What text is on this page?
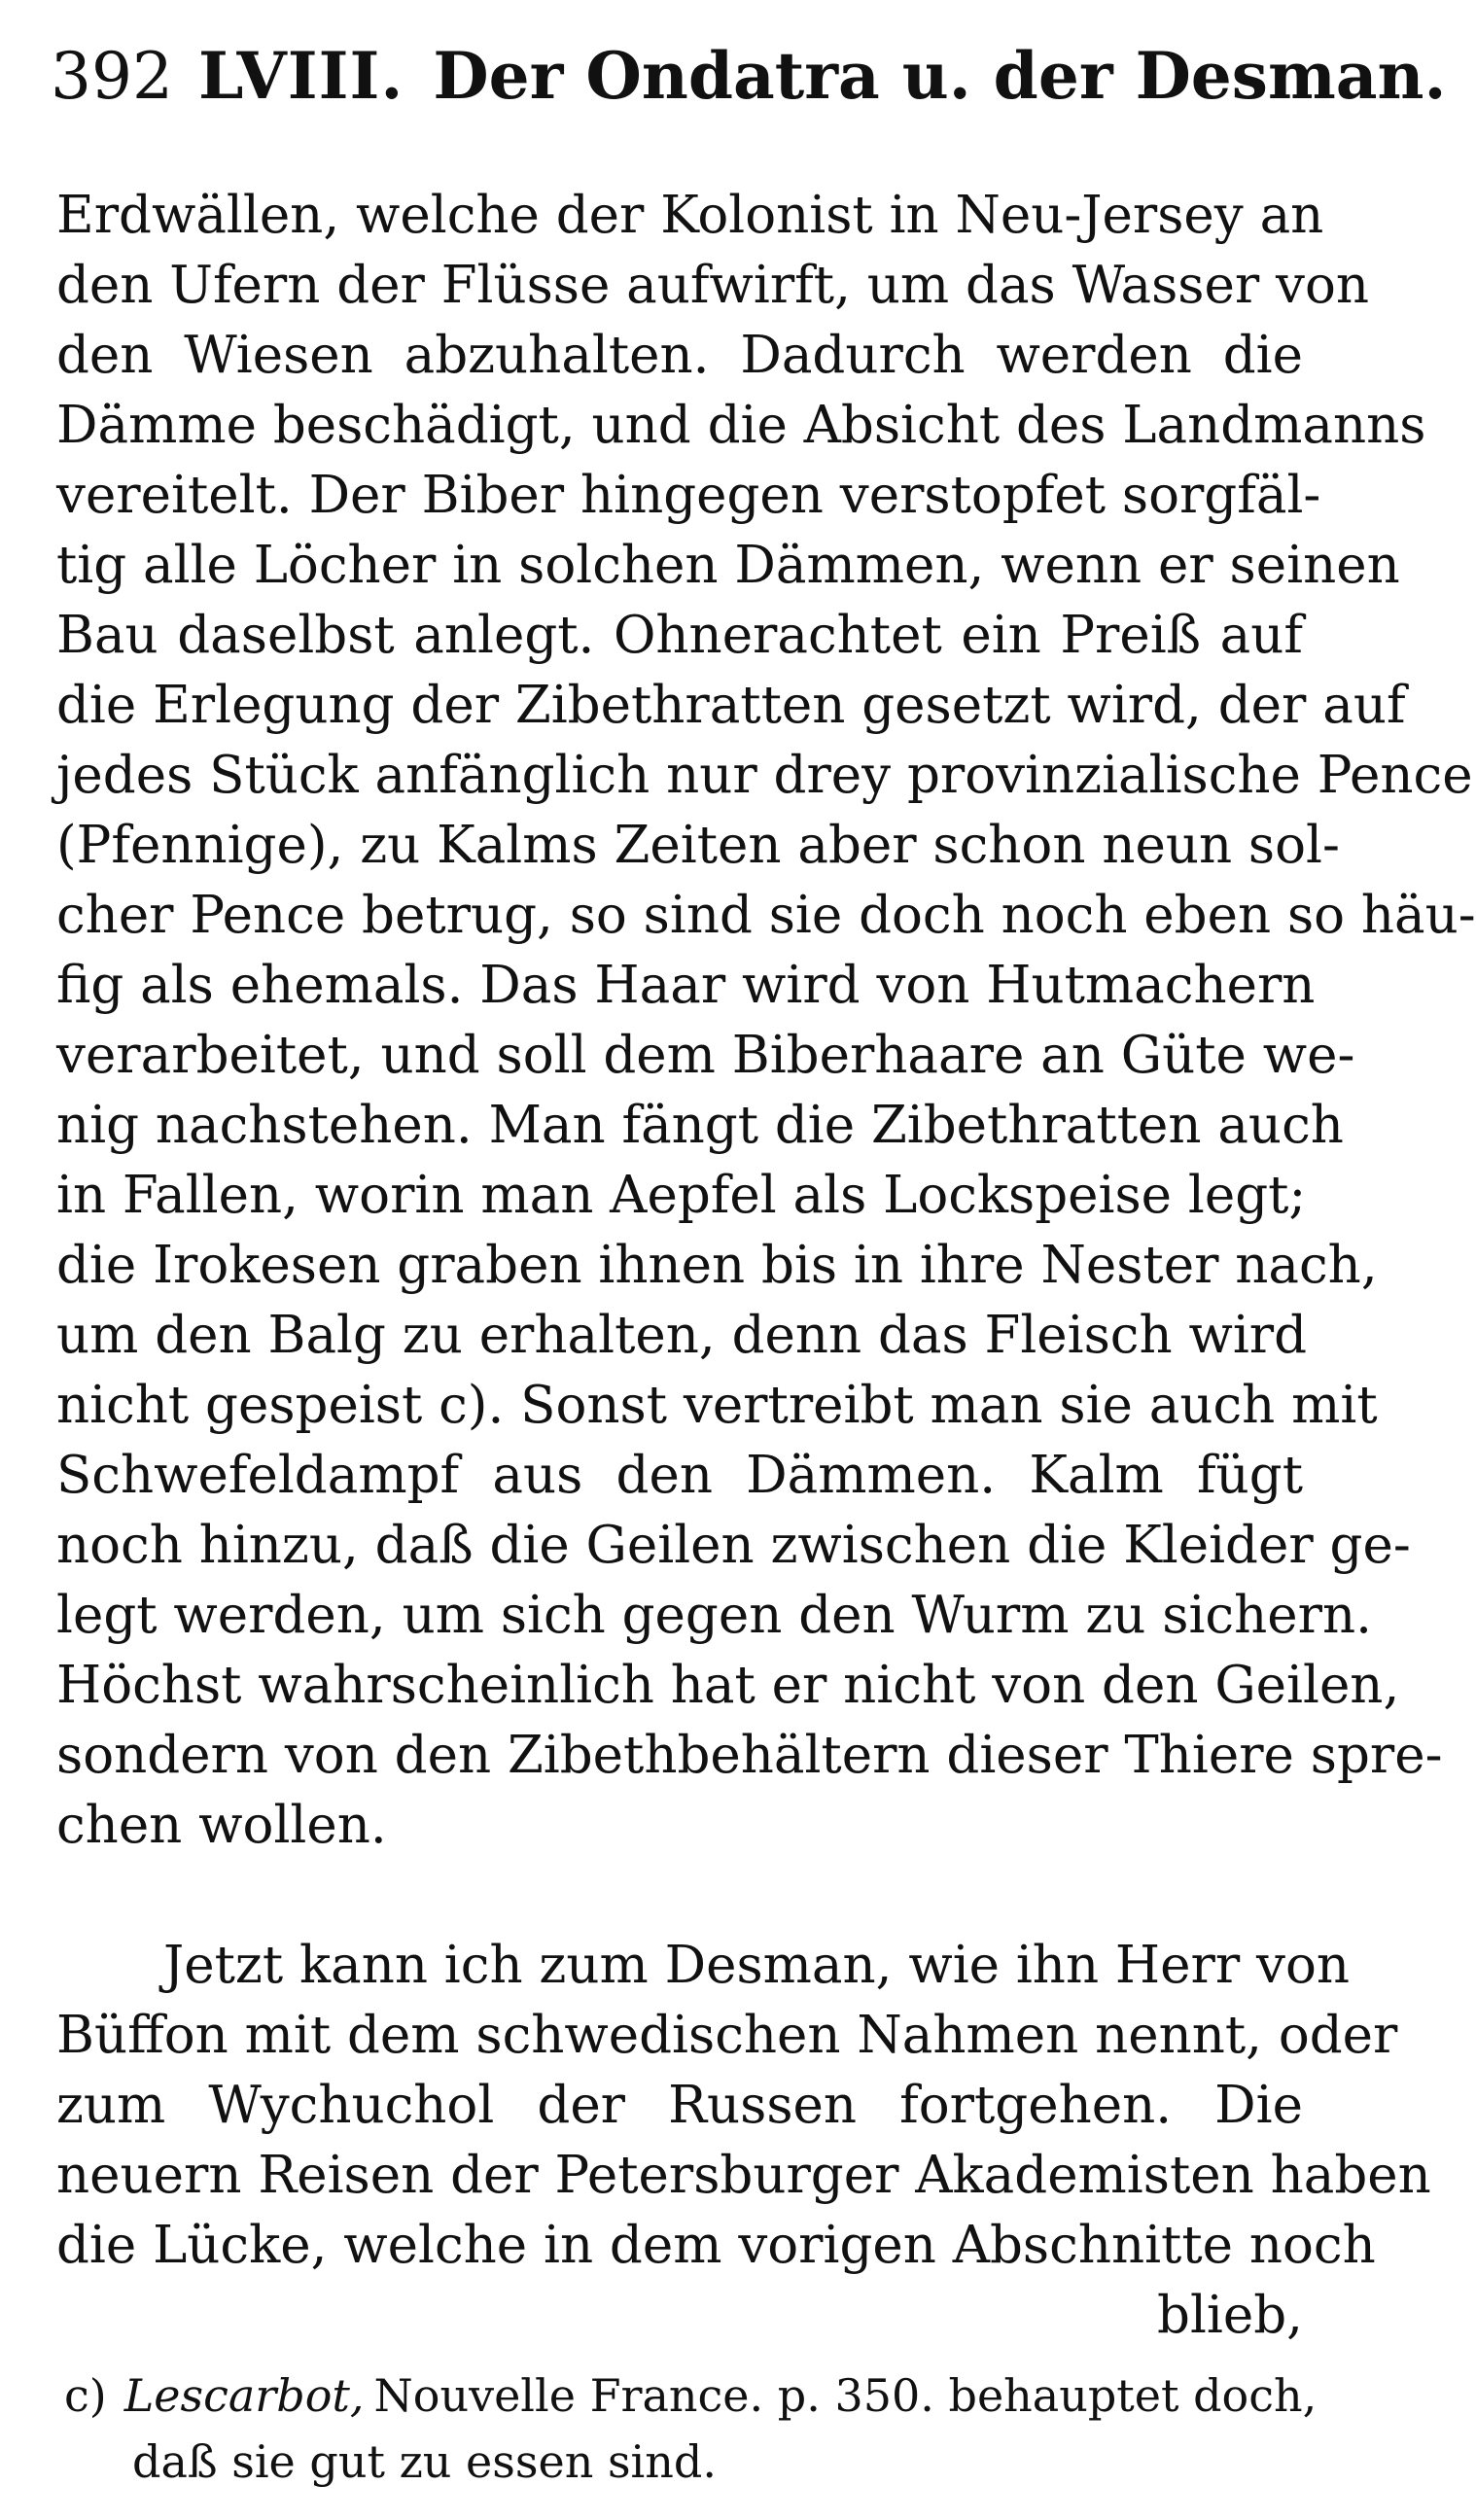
392 LVIII. Der Ondatra u. der Desman.
Erdwällen, welche der Kolonist in Neu-Jersey an
den Ufern der Flüsse aufwirft, um das Wasser von
den Wiesen abzuhalten. Dadurch werden die
Dämme beschädigt, und die Absicht des Landmanns
vereitelt. Der Biber hingegen verstopfet sorgfäl-
tig alle Löcher in solchen Dämmen, wenn er seinen
Bau daselbst anlegt. Ohnerachtet ein Preiß auf
die Erlegung der Zibethratten gesetzt wird, der auf
jedes Stück anfänglich nur drey provinzialische Pence
(Pfennige), zu Kalms Zeiten aber schon neun sol-
cher Pence betrug, so sind sie doch noch eben so häu-
fig als ehemals. Das Haar wird von Hutmachern
verarbeitet, und soll dem Biberhaare an Güte we-
nig nachstehen. Man fängt die Zibethratten auch
in Fallen, worin man Aepfel als Lockspeise legt;
die Irokesen graben ihnen bis in ihre Nester nach,
um den Balg zu erhalten, denn das Fleisch wird
nicht gespeist c). Sonst vertreibt man sie auch mit
Schwefeldampf aus den Dämmen. Kalm fügt
noch hinzu, daß die Geilen zwischen die Kleider ge-
legt werden, um sich gegen den Wurm zu sichern.
Höchst wahrscheinlich hat er nicht von den Geilen,
sondern von den Zibethbehältern dieser Thiere spre-
chen wollen.
Jetzt kann ich zum Desman, wie ihn Herr von
Büffon mit dem schwedischen Nahmen nennt, oder
zum Wychuchol der Russen fortgehen. Die
neuern Reisen der Petersburger Akademisten haben
die Lücke, welche in dem vorigen Abschnitte noch
blieb,
c) Lescarbot, Nouvelle France. p. 350. behauptet doch,
daß sie gut zu essen sind.
